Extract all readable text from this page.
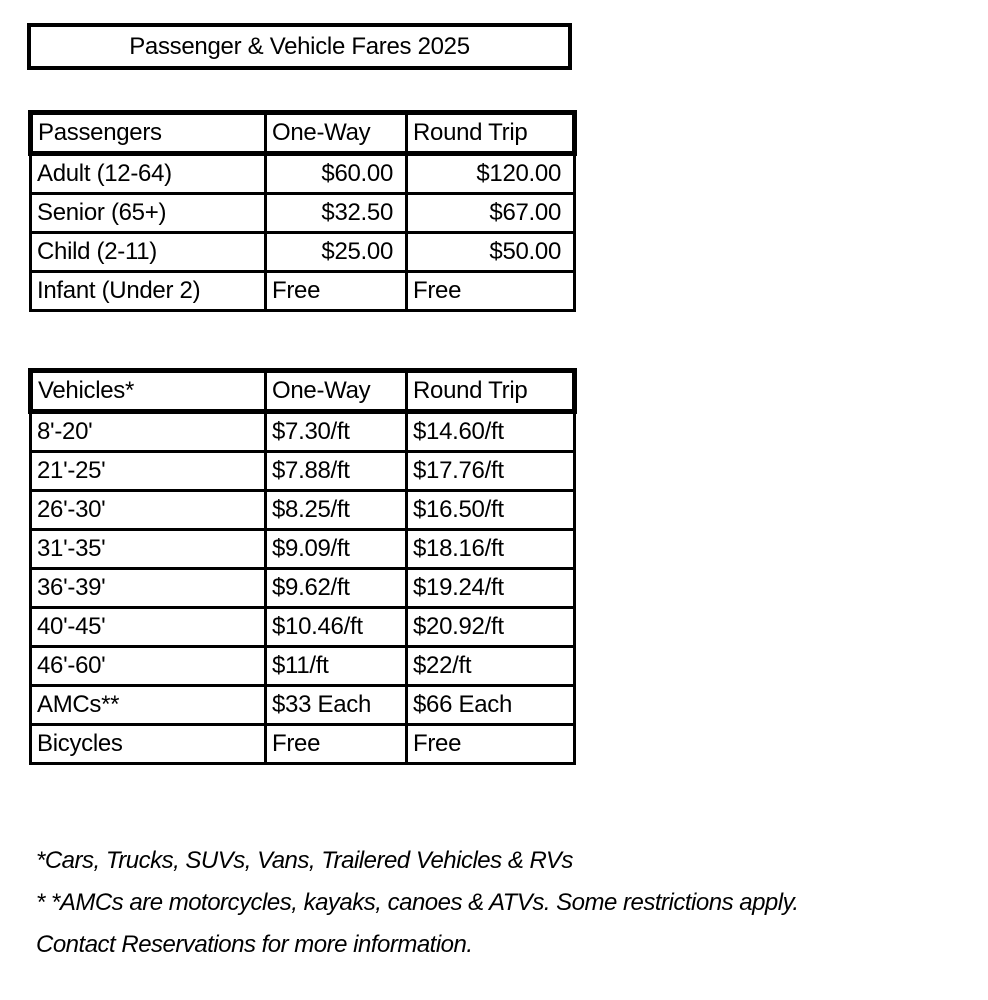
Passenger & Vehicle Fares 2025
Passengers	One-Way	Round Trip
Adult (12-64)	$60.00	$120.00
Senior (65+)	$32.50	$67.00
Child (2-11)	$25.00	$50.00
Infant (Under 2)	Free	Free
Vehicles*	One-Way	Round Trip
8'-20'	$7.30/ft	$14.60/ft
21'-25'	$7.88/ft	$17.76/ft
26'-30'	$8.25/ft	$16.50/ft
31'-35'	$9.09/ft	$18.16/ft
36'-39'	$9.62/ft	$19.24/ft
40'-45'	$10.46/ft	$20.92/ft
46'-60'	$11/ft	$22/ft
AMCs**	$33 Each	$66 Each
Bicycles	Free	Free
*Cars, Trucks, SUVs, Vans, Trailered Vehicles & RVs
* *AMCs are motorcycles, kayaks, canoes & ATVs. Some restrictions apply.
Contact Reservations for more information.
